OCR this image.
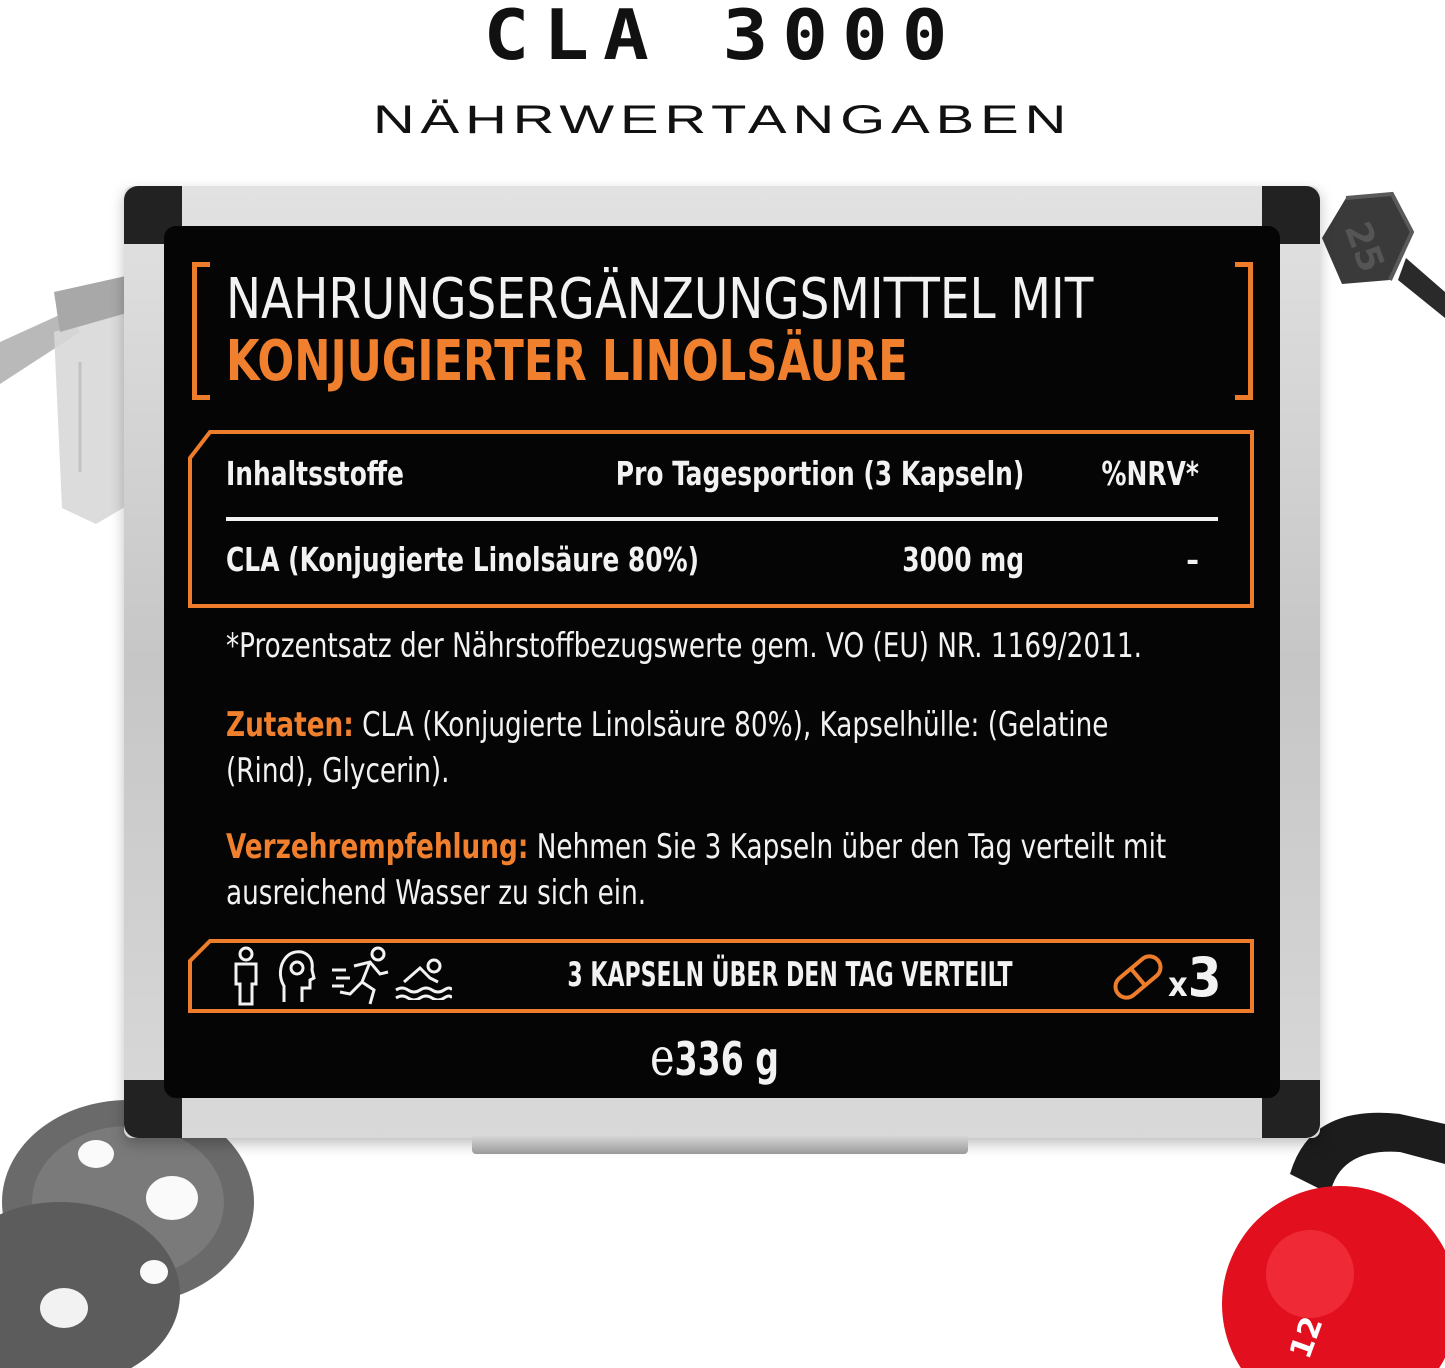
CLA 3000
NÄHRWERTANGABEN
25
12
NAHRUNGSERGÄNZUNGSMITTEL MIT
KONJUGIERTER LINOLSÄURE
Inhaltsstoffe	Pro Tagesportion (3 Kapseln) %NRV*
CLA (Konjugierte Linolsäure 80%)	3000 mg	–
*Prozentsatz der Nährstoffbezugswerte gem. VO (EU) NR. 1169/2011.
Zutaten: CLA (Konjugierte Linolsäure 80%), Kapselhülle: (Gelatine (Rind), Glycerin).
Verzehrempfehlung: Nehmen Sie 3 Kapseln über den Tag verteilt mit ausreichend Wasser zu sich ein.
3 KAPSELN ÜBER DEN TAG VERTEILT	x3
e336 g
